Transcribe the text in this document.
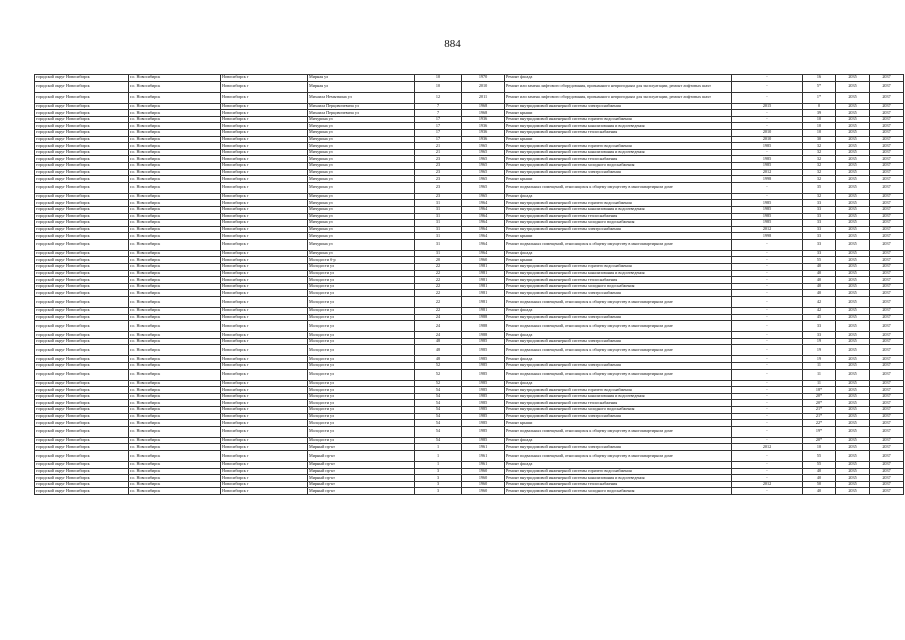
884
городской округ Новосибирск	г.о. Новосибирск	Новосибирск г	Мирная ул	10	1970	Ремонт фасада	-	16	2035	2037
городской округ Новосибирск	г.о. Новосибирск	Новосибирск г	Мирная ул	10	2010	Ремонт или замена лифтового оборудования, признанного непригодным для эксплуатации, ремонт лифтовых шахт	-	5*	2035	2037
городской округ Новосибирск	г.о. Новосибирск	Новосибирск г	Михаила Немыткина ул	12	2011	Ремонт или замена лифтового оборудования, признанного непригодным для эксплуатации, ремонт лифтовых шахт	-	1*	2035	2037
городской округ Новосибирск	г.о. Новосибирск	Новосибирск г	Михаила Перцовичевича ул	7	1968	Ремонт внутридомовой инженерной системы электроснабжения	2015	0	2035	2037
городской округ Новосибирск	г.о. Новосибирск	Новосибирск г	Михаила Перцовичевича ул	7	1968	Ремонт крыши	-	39	2035	2037
городской округ Новосибирск	г.о. Новосибирск	Новосибирск г	Мичурина ул	17	1936	Ремонт внутридомовой инженерной системы горячего водоснабжения	-	10	2035	2037
городской округ Новосибирск	г.о. Новосибирск	Новосибирск г	Мичурина ул	17	1936	Ремонт внутридомовой инженерной системы канализования и водоотведения	-	10	2035	2037
городской округ Новосибирск	г.о. Новосибирск	Новосибирск г	Мичурина ул	17	1936	Ремонт внутридомовой инженерной системы теплоснабжения	2010	10	2035	2037
городской округ Новосибирск	г.о. Новосибирск	Новосибирск г	Мичурина ул	17	1936	Ремонт крыши	2010	30	2035	2037
городской округ Новосибирск	г.о. Новосибирск	Новосибирск г	Мичурина ул	21	1965	Ремонт внутридомовой инженерной системы горячего водоснабжения	1985	32	2035	2037
городской округ Новосибирск	г.о. Новосибирск	Новосибирск г	Мичурина ул	21	1965	Ремонт внутридомовой инженерной системы канализования и водоотведения	-	32	2035	2037
городской округ Новосибирск	г.о. Новосибирск	Новосибирск г	Мичурина ул	23	1965	Ремонт внутридомовой инженерной системы теплоснабжения	1985	32	2035	2037
городской округ Новосибирск	г.о. Новосибирск	Новосибирск г	Мичурина ул	23	1965	Ремонт внутридомовой инженерной системы холодного водоснабжения	1985	32	2035	2037
городской округ Новосибирск	г.о. Новосибирск	Новосибирск г	Мичурина ул	23	1965	Ремонт внутридомовой инженерной системы электроснабжения	2012	32	2035	2037
городской округ Новосибирск	г.о. Новосибирск	Новосибирск г	Мичурина ул	23	1965	Ремонт крыши	1998	32	2035	2037
городской округ Новосибирск	г.о. Новосибирск	Новосибирск г	Мичурина ул	23	1965	Ремонт подвальных помещений, относящихся к общему имуществу в многоквартирном доме	-	35	2035	2037
городской округ Новосибирск	г.о. Новосибирск	Новосибирск г	Мичурина ул	23	1965	Ремонт фасада	-	32	2035	2037
городской округ Новосибирск	г.о. Новосибирск	Новосибирск г	Мичурина ул	31	1964	Ремонт внутридомовой инженерной системы горячего водоснабжения	1985	33	2035	2037
городской округ Новосибирск	г.о. Новосибирск	Новосибирск г	Мичурина ул	31	1964	Ремонт внутридомовой инженерной системы канализования и водоотведения	1985	33	2035	2037
городской округ Новосибирск	г.о. Новосибирск	Новосибирск г	Мичурина ул	31	1964	Ремонт внутридомовой инженерной системы теплоснабжения	1985	33	2035	2037
городской округ Новосибирск	г.о. Новосибирск	Новосибирск г	Мичурина ул	31	1964	Ремонт внутридомовой инженерной системы холодного водоснабжения	1985	33	2035	2037
городской округ Новосибирск	г.о. Новосибирск	Новосибирск г	Мичурина ул	31	1964	Ремонт внутридомовой инженерной системы электроснабжения	2012	33	2035	2037
городской округ Новосибирск	г.о. Новосибирск	Новосибирск г	Мичурина ул	31	1964	Ремонт крыши	1998	33	2035	2037
городской округ Новосибирск	г.о. Новосибирск	Новосибирск г	Мичурина ул	31	1964	Ремонт подвальных помещений, относящихся к общему имуществу в многоквартирном доме	-	33	2035	2037
городской округ Новосибирск	г.о. Новосибирск	Новосибирск г	Мичурина ул	31	1964	Ремонт фасада	-	33	2035	2037
городской округ Новосибирск	г.о. Новосибирск	Новосибирск г	Молодости б-р	20	1960	Ремонт крыши	-	55	2035	2037
городской округ Новосибирск	г.о. Новосибирск	Новосибирск г	Молодости ул	22	1981	Ремонт внутридомовой инженерной системы горячего водоснабжения	-	40	2035	2037
городской округ Новосибирск	г.о. Новосибирск	Новосибирск г	Молодости ул	22	1981	Ремонт внутридомовой инженерной системы канализования и водоотведения	-	40	2035	2037
городской округ Новосибирск	г.о. Новосибирск	Новосибирск г	Молодости ул	22	1981	Ремонт внутридомовой инженерной системы теплоснабжения	-	40	2035	2037
городской округ Новосибирск	г.о. Новосибирск	Новосибирск г	Молодости ул	22	1981	Ремонт внутридомовой инженерной системы холодного водоснабжения	-	40	2035	2037
городской округ Новосибирск	г.о. Новосибирск	Новосибирск г	Молодости ул	22	1981	Ремонт внутридомовой инженерной системы электроснабжения	-	40	2035	2037
городской округ Новосибирск	г.о. Новосибирск	Новосибирск г	Молодости ул	22	1981	Ремонт подвальных помещений, относящихся к общему имуществу в многоквартирном доме	-	42	2035	2037
городской округ Новосибирск	г.о. Новосибирск	Новосибирск г	Молодости ул	22	1981	Ремонт фасада	-	42	2035	2037
городской округ Новосибирск	г.о. Новосибирск	Новосибирск г	Молодости ул	24	1988	Ремонт внутридомовой инженерной системы электроснабжения	-	45	2035	2037
городской округ Новосибирск	г.о. Новосибирск	Новосибирск г	Молодости ул	24	1988	Ремонт подвальных помещений, относящихся к общему имуществу в многоквартирном доме	-	33	2035	2037
городской округ Новосибирск	г.о. Новосибирск	Новосибирск г	Молодости ул	24	1988	Ремонт фасада	-	33	2035	2037
городской округ Новосибирск	г.о. Новосибирск	Новосибирск г	Молодости ул	48	1985	Ремонт внутридомовой инженерной системы электроснабжения	-	19	2035	2037
городской округ Новосибирск	г.о. Новосибирск	Новосибирск г	Молодости ул	48	1985	Ремонт подвальных помещений, относящихся к общему имуществу в многоквартирном доме	-	19	2035	2037
городской округ Новосибирск	г.о. Новосибирск	Новосибирск г	Молодости ул	48	1985	Ремонт фасада	-	19	2035	2037
городской округ Новосибирск	г.о. Новосибирск	Новосибирск г	Молодости ул	52	1985	Ремонт внутридомовой инженерной системы электроснабжения	-	11	2035	2037
городской округ Новосибирск	г.о. Новосибирск	Новосибирск г	Молодости ул	52	1985	Ремонт подвальных помещений, относящихся к общему имуществу в многоквартирном доме	-	11	2035	2037
городской округ Новосибирск	г.о. Новосибирск	Новосибирск г	Молодости ул	52	1985	Ремонт фасада	-	11	2035	2037
городской округ Новосибирск	г.о. Новосибирск	Новосибирск г	Молодости ул	54	1985	Ремонт внутридомовой инженерной системы горячего водоснабжения	-	18*	2035	2037
городской округ Новосибирск	г.о. Новосибирск	Новосибирск г	Молодости ул	54	1985	Ремонт внутридомовой инженерной системы канализования и водоотведения	-	20*	2035	2037
городской округ Новосибирск	г.о. Новосибирск	Новосибирск г	Молодости ул	54	1985	Ремонт внутридомовой инженерной системы теплоснабжения	-	20*	2035	2037
городской округ Новосибирск	г.о. Новосибирск	Новосибирск г	Молодости ул	54	1985	Ремонт внутридомовой инженерной системы холодного водоснабжения	-	21*	2035	2037
городской округ Новосибирск	г.о. Новосибирск	Новосибирск г	Молодости ул	54	1985	Ремонт внутридомовой инженерной системы электроснабжения	-	21*	2035	2037
городской округ Новосибирск	г.о. Новосибирск	Новосибирск г	Молодости ул	54	1985	Ремонт крыши	-	22*	2035	2037
городской округ Новосибирск	г.о. Новосибирск	Новосибирск г	Молодости ул	54	1985	Ремонт подвальных помещений, относящихся к общему имуществу в многоквартирном доме	-	19*	2035	2037
городской округ Новосибирск	г.о. Новосибирск	Новосибирск г	Молодости ул	54	1985	Ремонт фасада	-	20*	2035	2037
городской округ Новосибирск	г.о. Новосибирск	Новосибирск г	Мирный пр-кт	1	1961	Ремонт внутридомовой инженерной системы электроснабжения	2012	10	2035	2037
городской округ Новосибирск	г.о. Новосибирск	Новосибирск г	Мирный пр-кт	1	1961	Ремонт подвальных помещений, относящихся к общему имуществу в многоквартирном доме	-	55	2035	2037
городской округ Новосибирск	г.о. Новосибирск	Новосибирск г	Мирный пр-кт	1	1961	Ремонт фасада	-	55	2035	2037
городской округ Новосибирск	г.о. Новосибирск	Новосибирск г	Мирный пр-кт	3	1960	Ремонт внутридомовой инженерной системы горячего водоснабжения	-	40	2035	2037
городской округ Новосибирск	г.о. Новосибирск	Новосибирск г	Мирный пр-кт	3	1960	Ремонт внутридомовой инженерной системы канализования и водоотведения	-	40	2035	2037
городской округ Новосибирск	г.о. Новосибирск	Новосибирск г	Мирный пр-кт	3	1960	Ремонт внутридомовой инженерной системы теплоснабжения	2012	50	2035	2037
городской округ Новосибирск	г.о. Новосибирск	Новосибирск г	Мирный пр-кт	3	1960	Ремонт внутридомовой инженерной системы холодного водоснабжения	-	40	2035	2037
